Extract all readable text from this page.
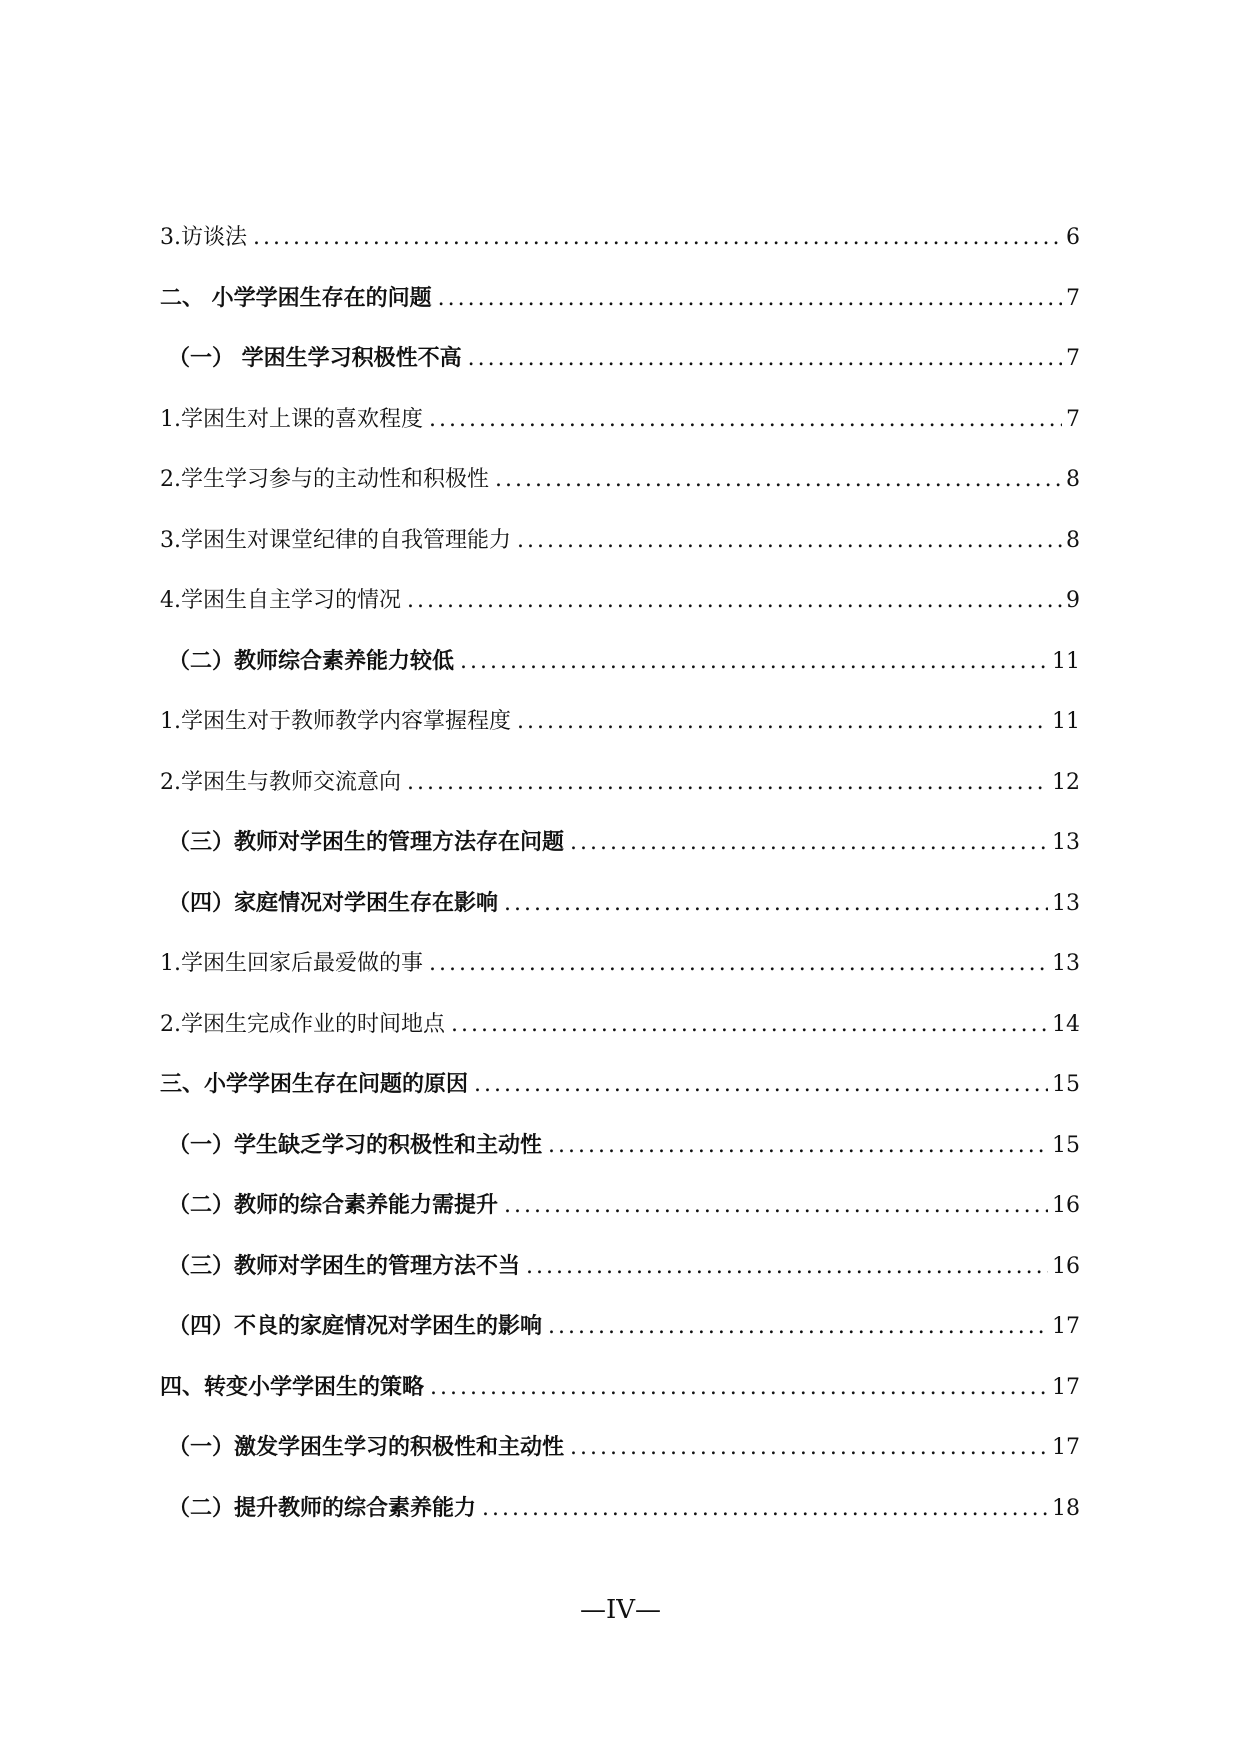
3.访谈法 .....	6
二、 小学学困生存在的问题 .....	7
（一） 学困生学习积极性不高 .....	7
1.学困生对上课的喜欢程度 .....	7
2.学生学习参与的主动性和积极性 .....	8
3.学困生对课堂纪律的自我管理能力 .....	8
4.学困生自主学习的情况 .....	9
（二）教师综合素养能力较低 .....	11
1.学困生对于教师教学内容掌握程度 .....	11
2.学困生与教师交流意向 .....	12
（三）教师对学困生的管理方法存在问题 .....	13
（四）家庭情况对学困生存在影响 .....	13
1.学困生回家后最爱做的事 .....	13
2.学困生完成作业的时间地点 .....	14
三、小学学困生存在问题的原因 .....	15
（一）学生缺乏学习的积极性和主动性 .....	15
（二）教师的综合素养能力需提升 .....	16
（三）教师对学困生的管理方法不当 .....	16
（四）不良的家庭情况对学困生的影响 .....	17
四、转变小学学困生的策略 .....	17
（一）激发学困生学习的积极性和主动性 .....	17
（二）提升教师的综合素养能力 .....	18
—IV—
